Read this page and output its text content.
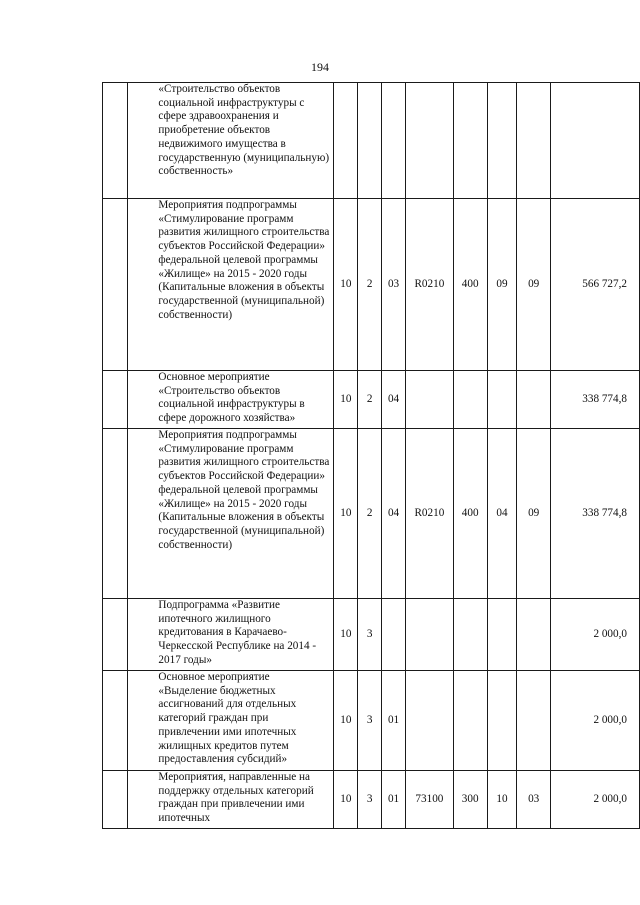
194
	«Строительство объектов социальной инфраструктуры с сфере здравоохранения и приобретение объектов недвижимого имущества в государственную (муниципальную) собственность»								
	Мероприятия подпрограммы «Стимулирование программ развития жилищного строительства субъектов Российской Федерации» федеральной целевой программы «Жилище» на 2015 - 2020 годы (Капитальные вложения в объекты государственной (муниципальной) собственности)	10	2	03	R0210	400	09	09	566 727,2
	Основное мероприятие «Строительство объектов социальной инфраструктуры в сфере дорожного хозяйства»	10	2	04					338 774,8
	Мероприятия подпрограммы «Стимулирование программ развития жилищного строительства субъектов Российской Федерации» федеральной целевой программы «Жилище» на 2015 - 2020 годы (Капитальные вложения в объекты государственной (муниципальной) собственности)	10	2	04	R0210	400	04	09	338 774,8
	Подпрограмма «Развитие ипотечного жилищного кредитования в Карачаево-Черкесской Республике на 2014 - 2017 годы»	10	3						2 000,0
	Основное мероприятие «Выделение бюджетных ассигнований для отдельных категорий граждан при привлечении ими ипотечных жилищных кредитов путем предоставления субсидий»	10	3	01					2 000,0
	Мероприятия, направленные на поддержку отдельных категорий граждан при привлечении ими ипотечных	10	3	01	73100	300	10	03	2 000,0
